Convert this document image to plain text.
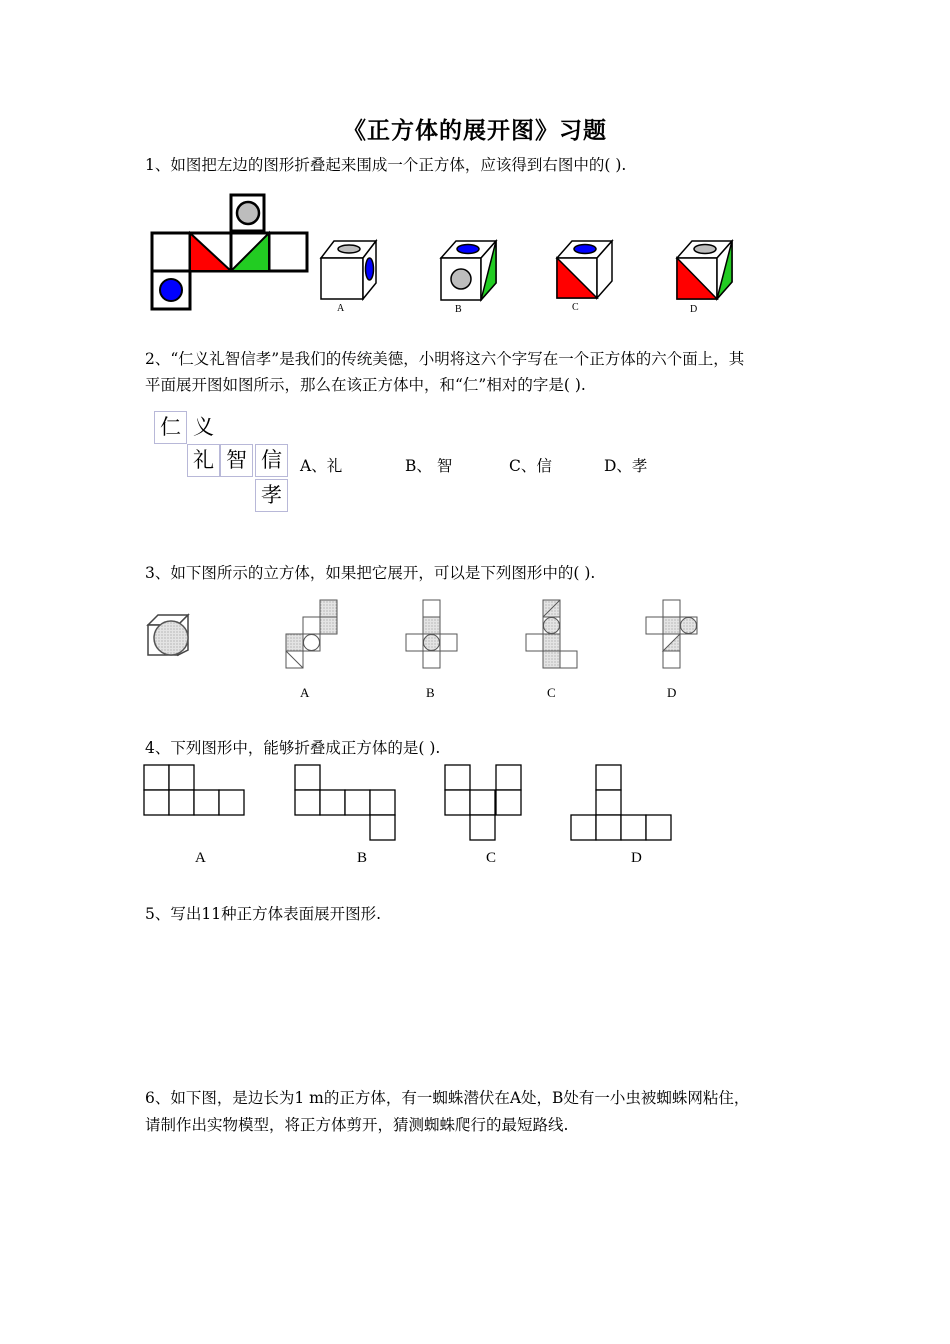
《正方体的展开图》习题
1、如图把左边的图形折叠起来围成一个正方体，应该得到右图中的( ).
A	B	C	D
2、“仁义礼智信孝”是我们的传统美德，小明将这六个字写在一个正方体的六个面上，其
平面展开图如图所示，那么在该正方体中，和“仁”相对的字是( ).
仁 义
礼 智 信
孝
A、礼	B、 智	C、信	D、孝
3、如下图所示的立方体，如果把它展开，可以是下列图形中的( ).
A	B	C	D
4、下列图形中，能够折叠成正方体的是( ).
A	B	C	D
5、写出11种正方体表面展开图形.
6、如下图，是边长为1 m的正方体，有一蜘蛛潜伏在A处，B处有一小虫被蜘蛛网粘住，
请制作出实物模型，将正方体剪开，猜测蜘蛛爬行的最短路线.
